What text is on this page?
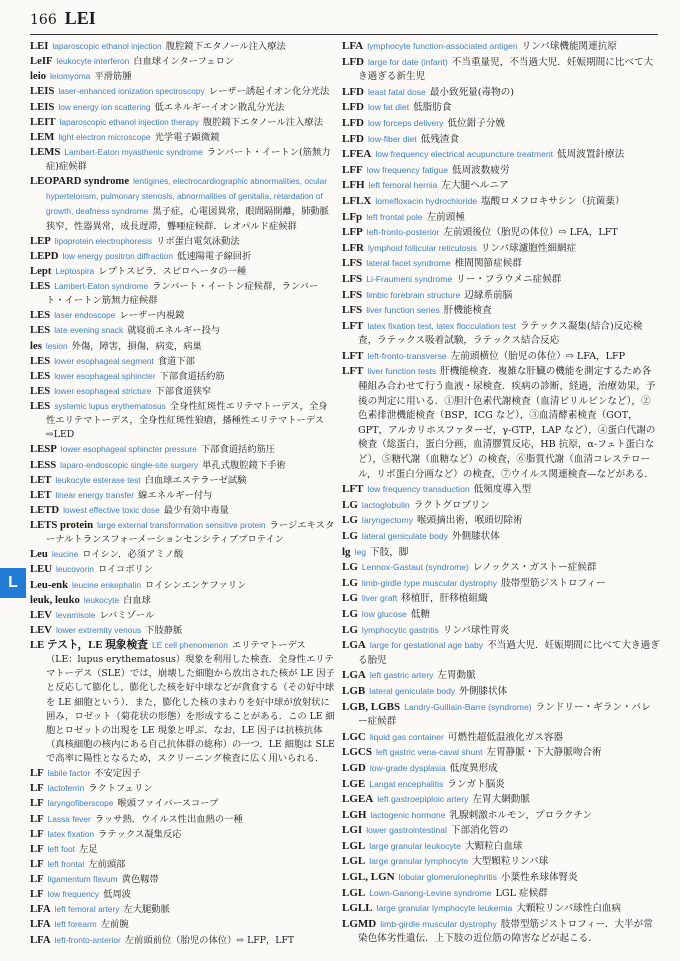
166 LEI

LEI laparoscopic ethanol injection 腹腔鏡下エタノール注入療法

LeIF leukocyte interferon 白血球インターフェロン

leio leiomyoma 平滑筋腫

LEIS laser-enhanced ionization spectroscopy レーザー誘起イオン化分光法

LEIS low energy ion scattering 低エネルギーイオン散乱分光法

LEIT laparoscopic ethanol injection therapy 腹腔鏡下エタノール注入療法

LEM light electron microscope 光学電子顕微鏡

LEMS Lambert-Eaton myasthenic syndrome ランバート・イートン(筋無力症)症候群

LEOPARD syndrome lentigines, electrocardiographic abnormalities, ocular hypertelorism, pulmonary stenosis, abnormalities of genitalia, retardation of growth, deafness syndrome 黒子症，心電図異常，眼間隔開離，肺動脈狭窄，性器異常，成長遅滞，聾唖症候群．レオパルド症候群

LEP lipoprotein electrophoresis リポ蛋白電気泳動法

LEPD low energy positron diffraction 低速陽電子線回折

Lept Leptospira レプトスピラ．スピロヘータの一種

LES Lambert-Eaton syndrome ランバート・イートン症候群，ランバート・イートン筋無力症候群

LES laser endoscope レーザー内視鏡

LES late evening snack 就寝前エネルギー投与

les lesion 外傷，障害，損傷，病変，病巣

LES lower esophageal segment 食道下部

LES lower esophageal sphincter 下部食道括約筋

LES lower esophageal stricture 下部食道狭窄

LES systemic lupus erythematosus 全身性紅斑性エリテマトーデス，全身性エリテマトーデス，全身性紅斑性狼瘡，播種性エリテマトーデス⇨LED

LESP lower esophageal sphincter pressure 下部食道括約筋圧

LESS laparo-endoscopic single-site surgery 単孔式腹腔鏡下手術

LET leukocyte esterase test 白血球エステラーゼ試験

LET linear energy transfer 線エネルギー付与

LETD lowest effective toxic dose 最少有効中毒量

LETS protein large external transformation sensitive protein ラージエキスターナルトランスフォーメーションセンシティブプロテイン

Leu leucine ロイシン．必須アミノ酸

LEU leucovorin ロイコボリン

Leu-enk leucine enkephalin ロイシンエンケファリン

leuk, leuko leukocyte 白血球

LEV levamisole レバミゾール

LEV lower extremity venous 下肢静脈

LE テスト，LE 現象検査 LE cell phenomenon エリテマトーデス（LE：lupus erythematosus）現象を利用した検査．全身性エリテマトーデス（SLE）では，崩壊した細胞から放出された核が LE 因子と反応して膨化し，膨化した核を好中球などが貪食する（その好中球を LE 細胞という）．また，膨化した核のまわりを好中球が放射状に囲み，ロゼット（菊花状の形態）を形成することがある．この LE 細胞とロゼットの出現を LE 現象と呼ぶ．なお，LE 因子は抗核抗体（真核細胞の核内にある自己抗体群の総称）の一つ．LE 細胞は SLE で高率に陽性となるため，スクリーニング検査に広く用いられる．

LF labile factor 不安定因子

LF lactoferrin ラクトフェリン

LF laryngofiberscope 喉頭ファイバースコープ

LF Lassa fever ラッサ熱．ウイルス性出血熱の一種

LF latex fixation ラテックス凝集反応

LF left foot 左足

LF left frontal 左前頭部

LF ligamentum flavum 黄色靱帯

LF low frequency 低周波

LFA left femoral artery 左大腿動脈

LFA left forearm 左前腕

LFA left-fronto-anterior 左前頭前位（胎児の体位）⇨ LFP，LFT

LFA lymphocyte function-associated antigen リンパ球機能関連抗原

LFD large for date (infant) 不当重量児，不当過大児．妊娠期間に比べて大き過ぎる新生児

LFD least fatal dose 最小致死量(毒物の)

LFD low fat diet 低脂肪食

LFD low forceps delivery 低位鉗子分娩

LFD low-fiber diet 低残渣食

LFEA low frequency electrical acupuncture treatment 低周波置針療法

LFF low frequency fatigue 低周波数疲労

LFH left femoral hernia 左大腿ヘルニア

LFLX lomefloxacin hydrochloride 塩酸ロメフロキサシン（抗菌薬）

LFp left frontal pole 左前頭極

LFP left-fronto-posterior 左前頭後位（胎児の体位）⇨ LFA，LFT

LFR lymphoid follicular reticulosis リンパ球濾胞性細網症

LFS lateral facet syndrome 椎間関節症候群

LFS Li-Fraumeni syndrome リー・フラウメニ症候群

LFS limbic forebrain structure 辺縁系前脳

LFS liver function series 肝機能検査

LFT latex fixation test, latex flocculation test ラテックス凝集(結合)反応検査，ラテックス吸着試験，ラテックス結合反応

LFT left-fronto-transverse 左前頭横位（胎児の体位）⇨ LFA，LFP

LFT liver function tests 肝機能検査．複雑な肝臓の機能を測定するため各種組み合わせて行う血液・尿検査．疾病の診断，経過，治療効果，予後の判定に用いる．①胆汁色素代謝検査（血清ビリルビンなど），②色素排泄機能検査（BSP，ICG など），③血清酵素検査（GOT，GPT，アルカリホスファターゼ，γ-GTP，LAP など），④蛋白代謝の検査（総蛋白，蛋白分画，血清膠質反応，HB 抗原，α-フェト蛋白など），⑤糖代謝（血糖など）の検査，⑥脂質代謝（血清コレステロール，リポ蛋白分画など）の検査，⑦ウイルス関連検査—などがある．

LFT low frequency transduction 低頻度導入型

LG lactoglobulin ラクトグロブリン

LG laryngectomy 喉頭摘出術，喉頭切除術

LG lateral geniculate body 外側膝状体

lg leg 下肢，脚

LG Lennox-Gastaut (syndrome) レノックス・ガストー症候群

LG limb-girdle type muscular dystrophy 肢帯型筋ジストロフィー

LG liver graft 移植肝，肝移植組織

LG low glucose 低糖

LG lymphocytic gastritis リンパ球性胃炎

LGA large for gestational age baby 不当過大児．妊娠期間に比べて大き過ぎる胎児

LGA left gastric artery 左胃動脈

LGB lateral geniculate body 外側膝状体

LGB, LGBS Landry-Guillain-Barre (syndrome) ランドリー・ギラン・バレー症候群

LGC liquid gas container 可燃性超低温液化ガス容器

LGCS left gastric vena-caval shunt 左胃静脈・下大静脈吻合術

LGD low-grade dysplasia 低度異形成

LGE Langat encephalitis ランガト脳炎

LGEA left gastroepiploic artery 左胃大網動脈

LGH lactogenic hormone 乳腺刺激ホルモン，プロラクチン

LGI lower gastrointestinal 下部消化管の

LGL large granular leukocyte 大顆粒白血球

LGL large granular lymphocyte 大型顆粒リンパ球

LGL, LGN lobular glomerulonephritis 小葉性糸球体腎炎

LGL Lown-Ganong-Levine syndrome LGL 症候群

LGLL large granular lymphocyte leukemia 大顆粒リンパ球性白血病

LGMD limb-girdle muscular dystrophy 肢帯型筋ジストロフィー．大半が常染色体劣性遺伝．上下肢の近位筋の障害などが起こる．

L
